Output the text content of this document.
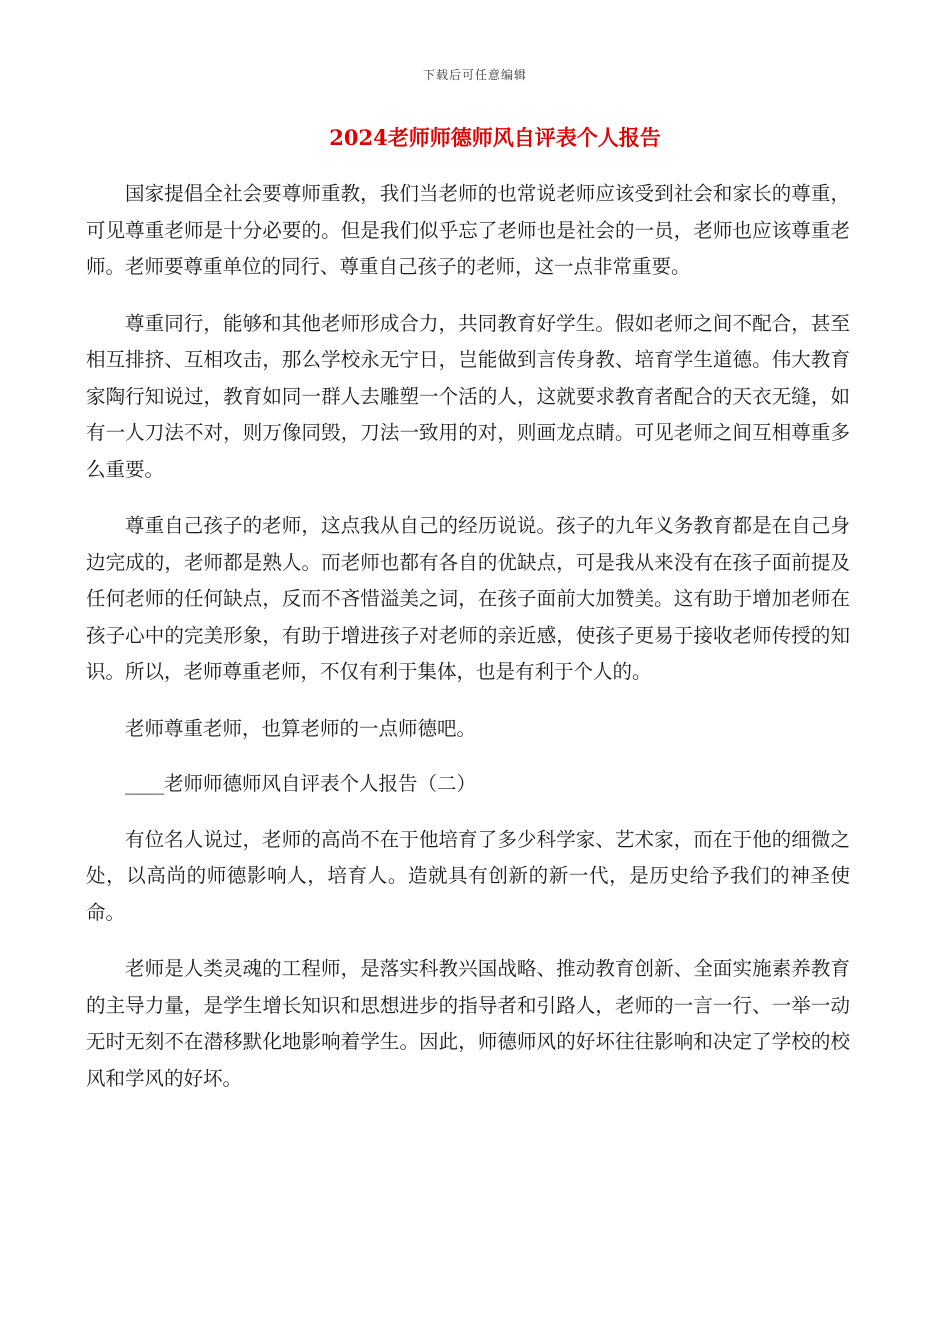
下载后可任意编辑
2024老师师德师风自评表个人报告

国家提倡全社会要尊师重教，我们当老师的也常说老师应该受到社会和家长的尊重，可见尊重老师是十分必要的。但是我们似乎忘了老师也是社会的一员，老师也应该尊重老师。老师要尊重单位的同行、尊重自己孩子的老师，这一点非常重要。

尊重同行，能够和其他老师形成合力，共同教育好学生。假如老师之间不配合，甚至相互排挤、互相攻击，那么学校永无宁日，岂能做到言传身教、培育学生道德。伟大教育家陶行知说过，教育如同一群人去雕塑一个活的人，这就要求教育者配合的天衣无缝，如有一人刀法不对，则万像同毁，刀法一致用的对，则画龙点睛。可见老师之间互相尊重多么重要。

尊重自己孩子的老师，这点我从自己的经历说说。孩子的九年义务教育都是在自己身边完成的，老师都是熟人。而老师也都有各自的优缺点，可是我从来没有在孩子面前提及任何老师的任何缺点，反而不吝惜溢美之词，在孩子面前大加赞美。这有助于增加老师在孩子心中的完美形象，有助于增进孩子对老师的亲近感，使孩子更易于接收老师传授的知识。所以，老师尊重老师，不仅有利于集体，也是有利于个人的。

老师尊重老师，也算老师的一点师德吧。

____老师师德师风自评表个人报告（二）

有位名人说过，老师的高尚不在于他培育了多少科学家、艺术家，而在于他的细微之处，以高尚的师德影响人，培育人。造就具有创新的新一代，是历史给予我们的神圣使命。

老师是人类灵魂的工程师，是落实科教兴国战略、推动教育创新、全面实施素养教育的主导力量，是学生增长知识和思想进步的指导者和引路人，老师的一言一行、一举一动无时无刻不在潜移默化地影响着学生。因此，师德师风的好坏往往影响和决定了学校的校风和学风的好坏。
